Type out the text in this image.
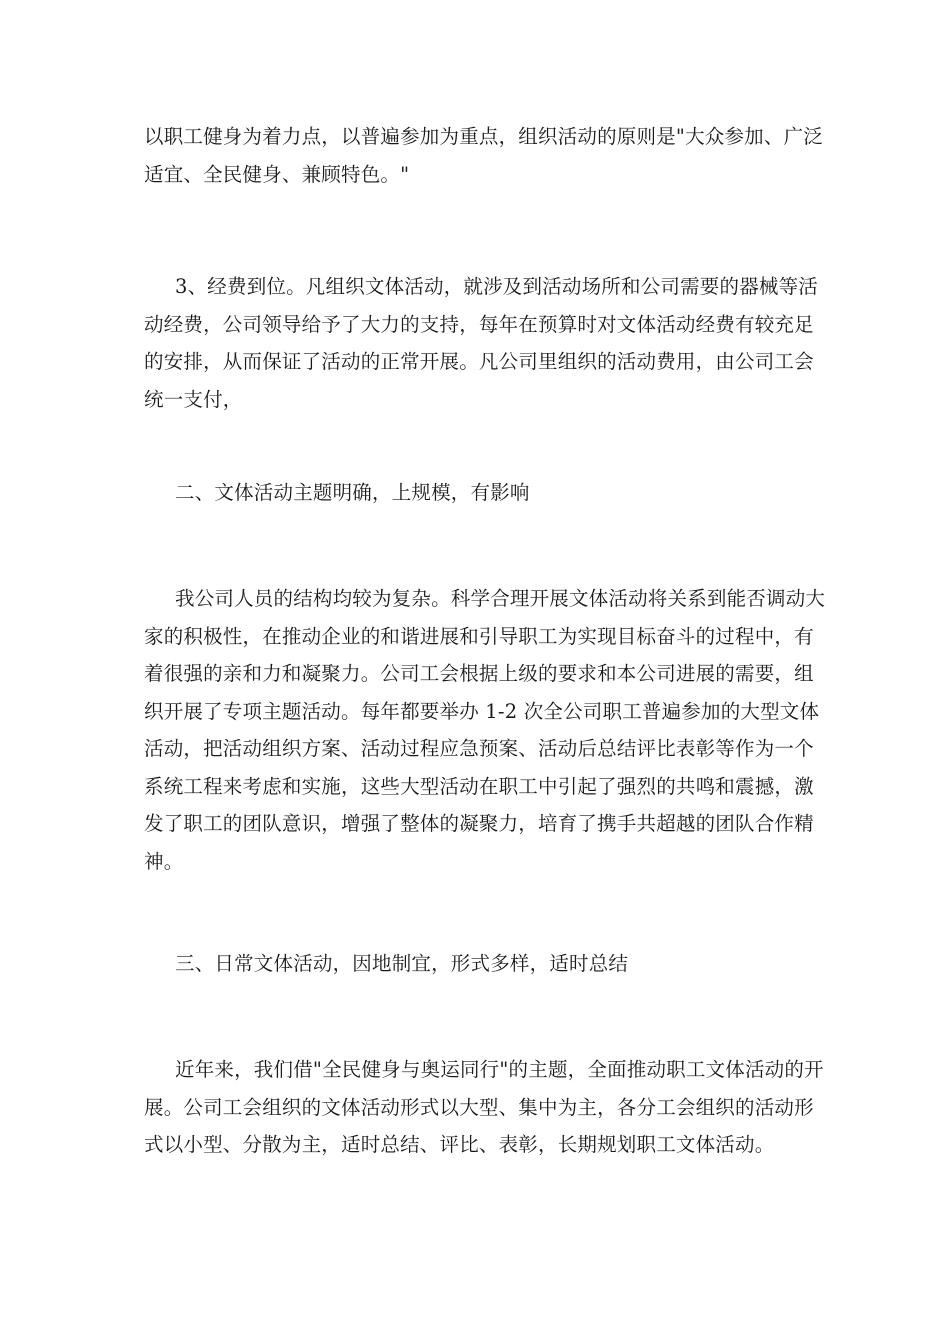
以职工健身为着力点，以普遍参加为重点，组织活动的原则是"大众参加、广泛
适宜、全民健身、兼顾特色。"

3、经费到位。凡组织文体活动，就涉及到活动场所和公司需要的器械等活
动经费，公司领导给予了大力的支持，每年在预算时对文体活动经费有较充足
的安排，从而保证了活动的正常开展。凡公司里组织的活动费用，由公司工会
统一支付，

二、文体活动主题明确，上规模，有影响

我公司人员的结构均较为复杂。科学合理开展文体活动将关系到能否调动大
家的积极性，在推动企业的和谐进展和引导职工为实现目标奋斗的过程中，有
着很强的亲和力和凝聚力。公司工会根据上级的要求和本公司进展的需要，组
织开展了专项主题活动。每年都要举办 1-2 次全公司职工普遍参加的大型文体
活动，把活动组织方案、活动过程应急预案、活动后总结评比表彰等作为一个
系统工程来考虑和实施，这些大型活动在职工中引起了强烈的共鸣和震撼，激
发了职工的团队意识，增强了整体的凝聚力，培育了携手共超越的团队合作精
神。

三、日常文体活动，因地制宜，形式多样，适时总结

近年来，我们借"全民健身与奥运同行"的主题，全面推动职工文体活动的开
展。公司工会组织的文体活动形式以大型、集中为主，各分工会组织的活动形
式以小型、分散为主，适时总结、评比、表彰，长期规划职工文体活动。
